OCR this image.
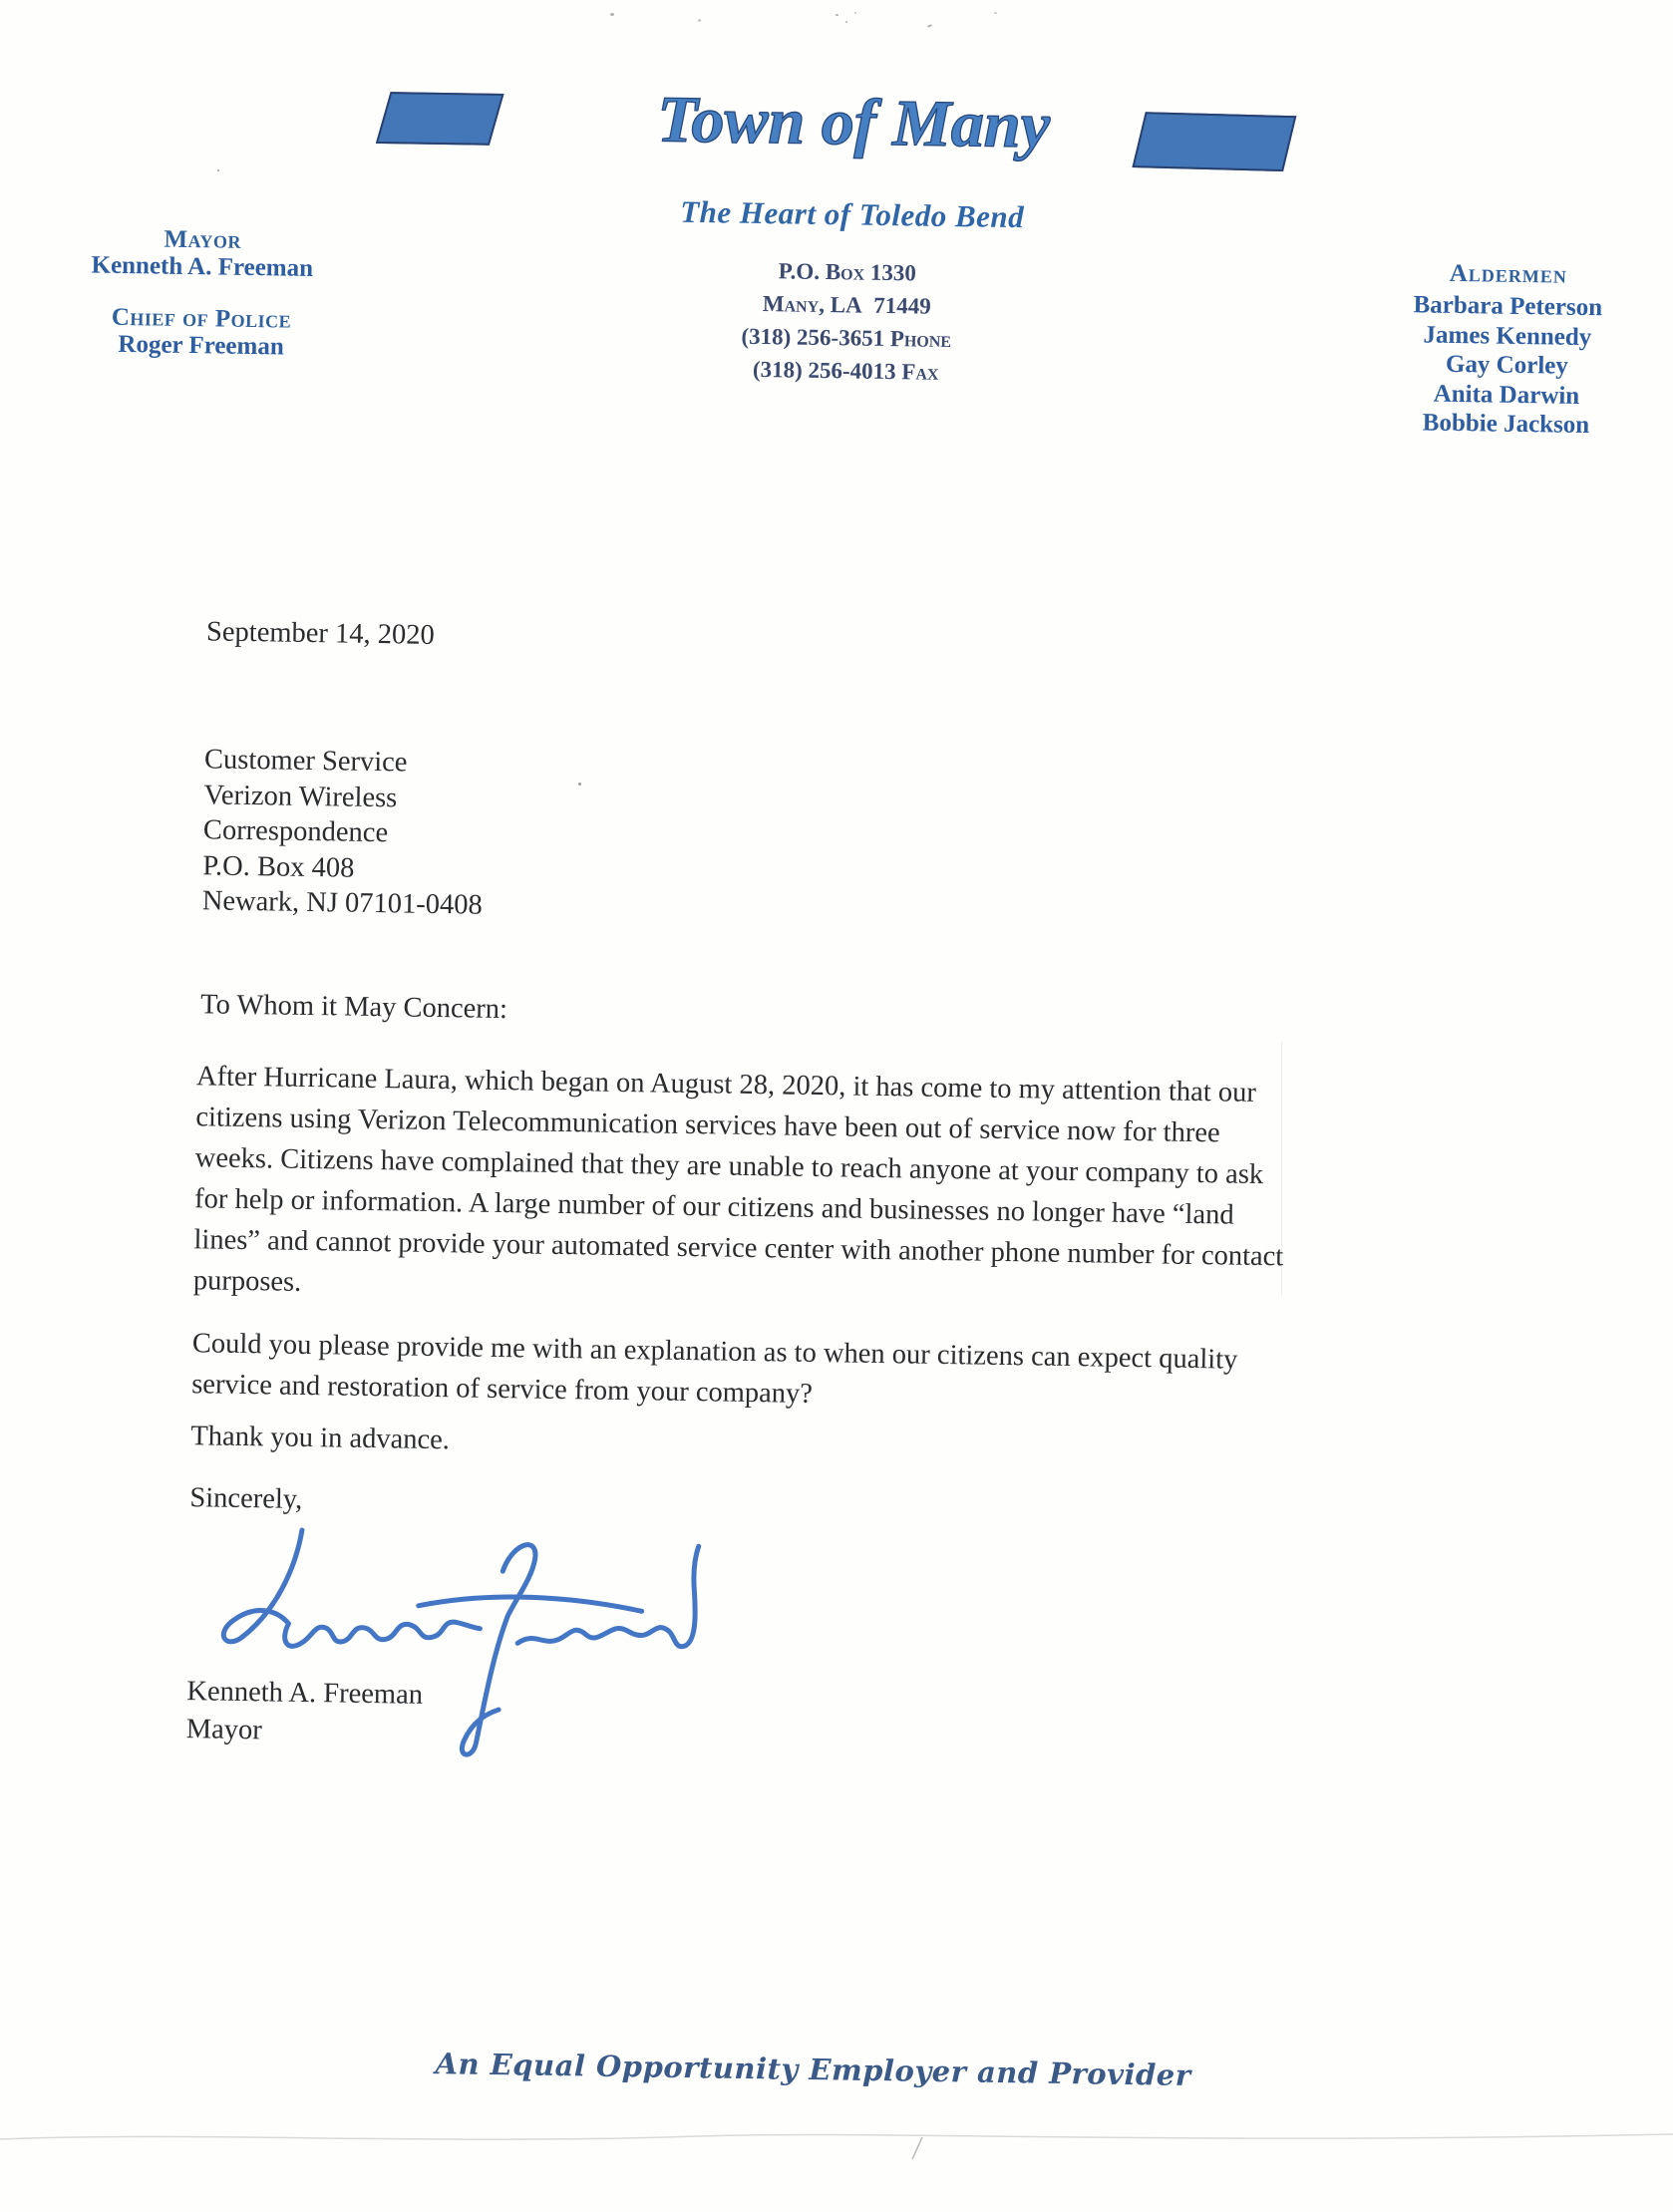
Town of Many
The Heart of Toledo Bend
P.O. Box 1330
Many, LA  71449
(318) 256-3651 Phone
(318) 256-4013 Fax
Mayor
Kenneth A. Freeman
Chief of Police
Roger Freeman
Aldermen
Barbara Peterson
James Kennedy
Gay Corley
Anita Darwin
Bobbie Jackson
September 14, 2020
Customer Service
Verizon Wireless
Correspondence
P.O. Box 408
Newark, NJ 07101-0408
To Whom it May Concern:
After Hurricane Laura, which began on August 28, 2020, it has come to my attention that our
citizens using Verizon Telecommunication services have been out of service now for three
weeks. Citizens have complained that they are unable to reach anyone at your company to ask
for help or information. A large number of our citizens and businesses no longer have “land
lines” and cannot provide your automated service center with another phone number for contact
purposes.
Could you please provide me with an explanation as to when our citizens can expect quality
service and restoration of service from your company?
Thank you in advance.
Sincerely,
Kenneth A. Freeman
Mayor
An Equal Opportunity Employer and Provider
